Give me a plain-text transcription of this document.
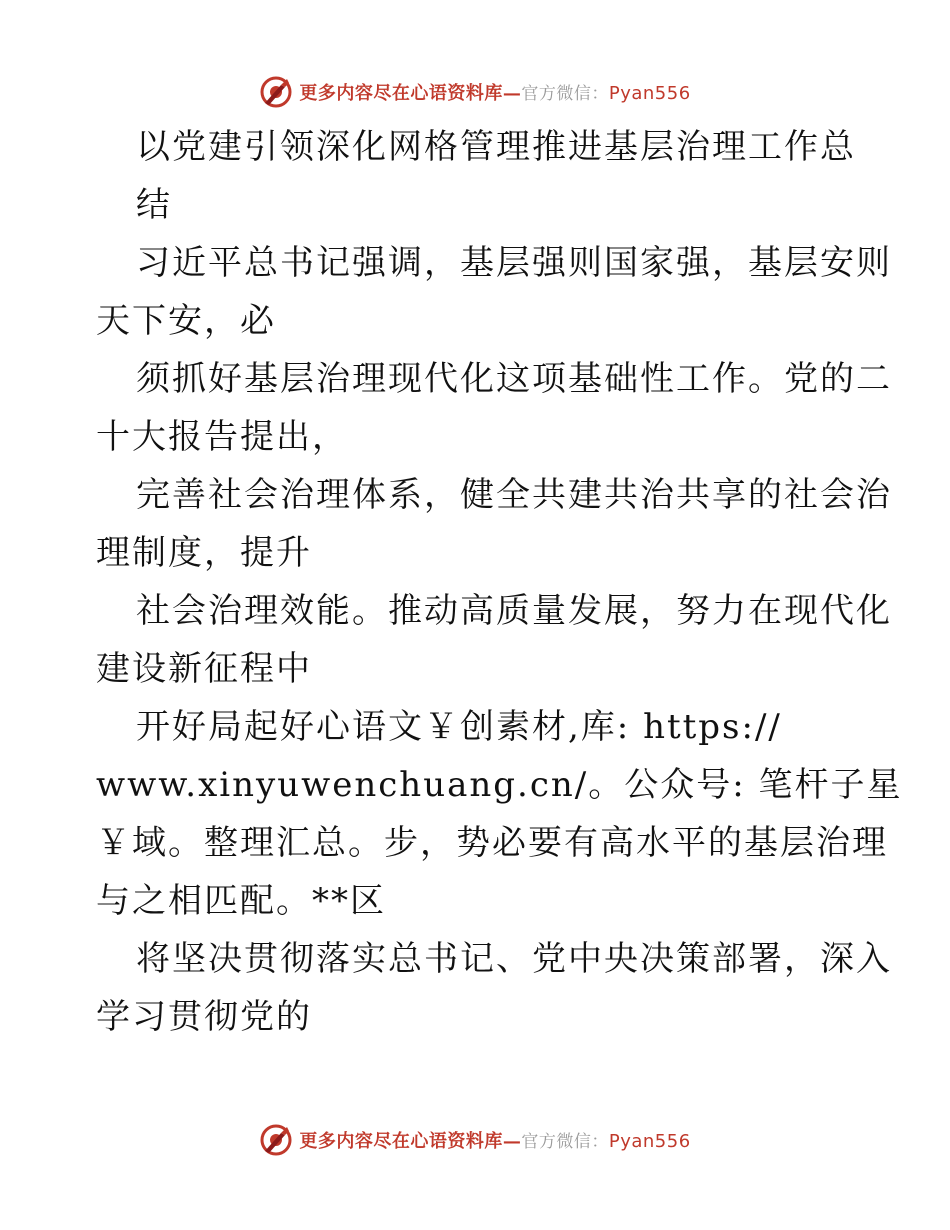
更多内容尽在心语资料库—官方微信：Pyan556
以党建引领深化网格管理推进基层治理工作总
结
习近平总书记强调，基层强则国家强，基层安则
天下安，必
须抓好基层治理现代化这项基础性工作。党的二
十大报告提出，
完善社会治理体系，健全共建共治共享的社会治
理制度，提升
社会治理效能。推动高质量发展，努力在现代化
建设新征程中
开好局起好心语文￥创素材,库: https://
www.xinyuwenchuang.cn/。公众号: 笔杆子星
￥域。整理汇总。步，势必要有高水平的基层治理
与之相匹配。**区
将坚决贯彻落实总书记、党中央决策部署，深入
学习贯彻党的
更多内容尽在心语资料库—官方微信：Pyan556
